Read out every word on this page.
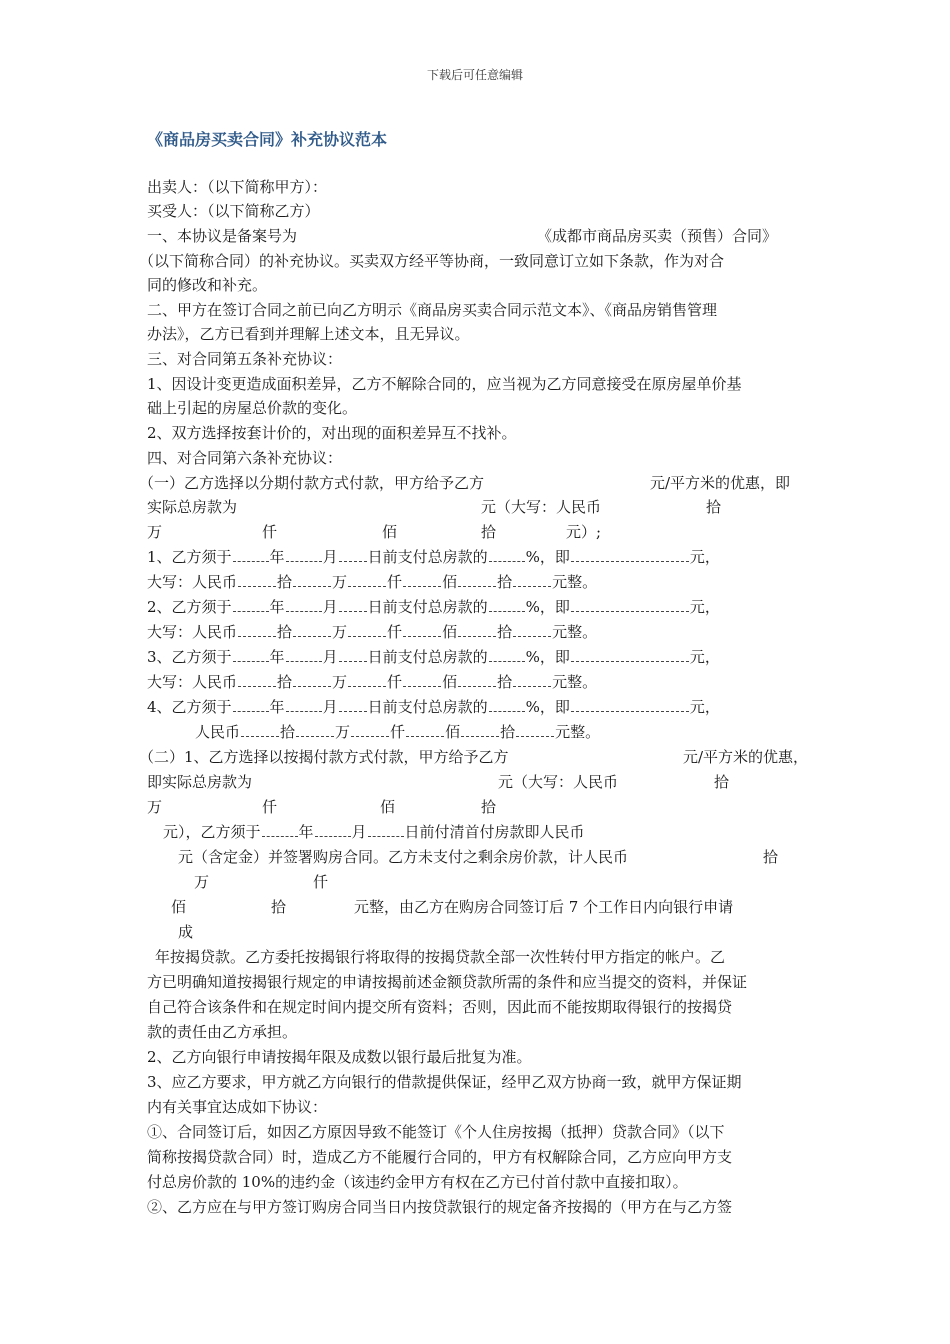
下载后可任意编辑
《商品房买卖合同》补充协议范本
出卖人：（以下简称甲方）：
买受人：（以下简称乙方）
一、本协议是备案号为	《成都市商品房买卖（预售）合同》
（以下简称合同）的补充协议。买卖双方经平等协商，一致同意订立如下条款，作为对合
同的修改和补充。
二、甲方在签订合同之前已向乙方明示《商品房买卖合同示范文本》、《商品房销售管理
办法》，乙方已看到并理解上述文本，且无异议。
三、对合同第五条补充协议：
1、因设计变更造成面积差异，乙方不解除合同的，应当视为乙方同意接受在原房屋单价基
础上引起的房屋总价款的变化。
2、双方选择按套计价的，对出现的面积差异互不找补。
四、对合同第六条补充协议：
（一）乙方选择以分期付款方式付款，甲方给予乙方	元/平方米的优惠，即
实际总房款为	元（大写：人民币	拾
万	仟	佰	拾	元）;
1、乙方须于	年	月 日前支付总房款的	%，即	元，
大写：人民币	拾	万	仟	佰	拾	元整。
2、乙方须于	年	月 日前支付总房款的	%，即	元，
大写：人民币	拾	万	仟	佰	拾	元整。
3、乙方须于	年	月 日前支付总房款的	%，即	元，
大写：人民币	拾	万	仟	佰	拾	元整。
4、乙方须于	年	月 日前支付总房款的	%，即	元，
人民币	拾	万	仟	佰	拾	元整。
（二）1、乙方选择以按揭付款方式付款，甲方给予乙方	元/平方米的优惠，
即实际总房款为	元（大写：人民币	拾
万	仟	佰	拾
元），乙方须于	年	月	日前付清首付房款即人民币
元（含定金）并签署购房合同。乙方未支付之剩余房价款，计人民币	拾
万	仟
佰	拾	元整，由乙方在购房合同签订后 7 个工作日内向银行申请
成
年按揭贷款。乙方委托按揭银行将取得的按揭贷款全部一次性转付甲方指定的帐户。乙
方已明确知道按揭银行规定的申请按揭前述金额贷款所需的条件和应当提交的资料，并保证
自己符合该条件和在规定时间内提交所有资料；否则，因此而不能按期取得银行的按揭贷
款的责任由乙方承担。
2、乙方向银行申请按揭年限及成数以银行最后批复为准。
3、应乙方要求，甲方就乙方向银行的借款提供保证，经甲乙双方协商一致，就甲方保证期
内有关事宜达成如下协议：
①、合同签订后，如因乙方原因导致不能签订《个人住房按揭（抵押）贷款合同》（以下
简称按揭贷款合同）时，造成乙方不能履行合同的，甲方有权解除合同，乙方应向甲方支
付总房价款的 10%的违约金（该违约金甲方有权在乙方已付首付款中直接扣取）。
②、乙方应在与甲方签订购房合同当日内按贷款银行的规定备齐按揭的（甲方在与乙方签
